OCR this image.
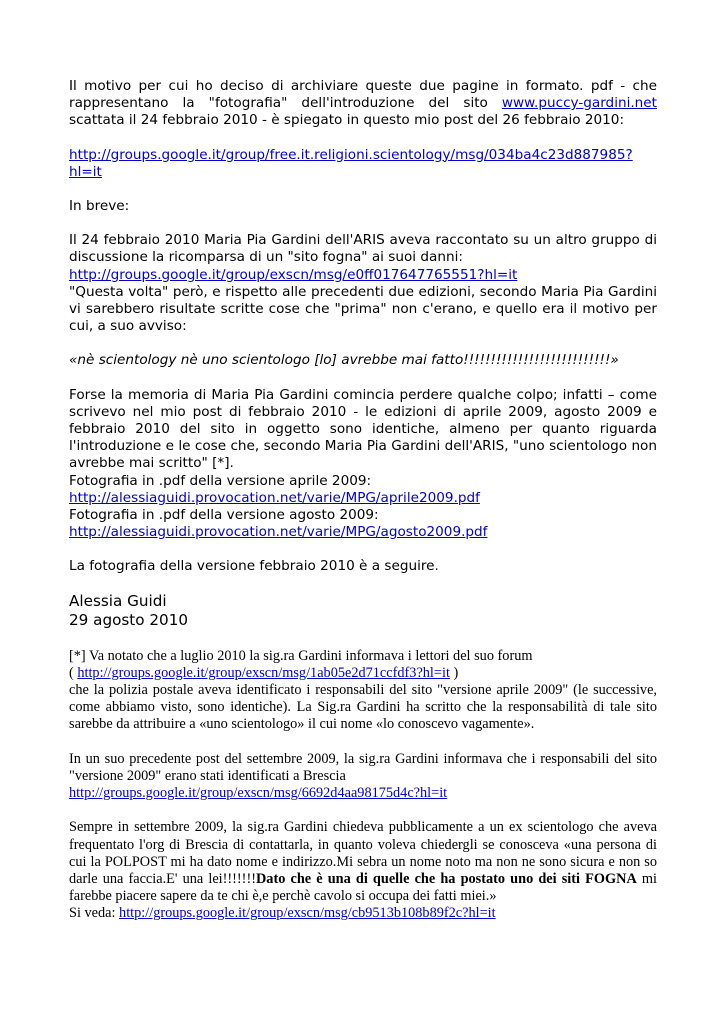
Il motivo per cui ho deciso di archiviare queste due pagine in formato. pdf - che rappresentano la "fotografia" dell'introduzione del sito www.puccy-gardini.net scattata il 24 febbraio 2010 - è spiegato in questo mio post del 26 febbraio 2010:

http://groups.google.it/group/free.it.religioni.scientology/msg/034ba4c23d887985?
hl=it

In breve:

Il 24 febbraio 2010 Maria Pia Gardini dell'ARIS aveva raccontato su un altro gruppo di discussione la ricomparsa di un "sito fogna" ai suoi danni:
http://groups.google.it/group/exscn/msg/e0ff017647765551?hl=it
"Questa volta" però, e rispetto alle precedenti due edizioni, secondo Maria Pia Gardini vi sarebbero risultate scritte cose che "prima" non c'erano, e quello era il motivo per cui, a suo avviso:

«nè scientology nè uno scientologo [lo] avrebbe mai fatto!!!!!!!!!!!!!!!!!!!!!!!!!!!»

Forse la memoria di Maria Pia Gardini comincia perdere qualche colpo; infatti – come scrivevo nel mio post di febbraio 2010 - le edizioni di aprile 2009, agosto 2009 e febbraio 2010 del sito in oggetto sono identiche, almeno per quanto riguarda l'introduzione e le cose che, secondo Maria Pia Gardini dell'ARIS, "uno scientologo non avrebbe mai scritto" [*].
Fotografia in .pdf della versione aprile 2009:
http://alessiaguidi.provocation.net/varie/MPG/aprile2009.pdf
Fotografia in .pdf della versione agosto 2009:
http://alessiaguidi.provocation.net/varie/MPG/agosto2009.pdf

La fotografia della versione febbraio 2010 è a seguire.

Alessia Guidi
29 agosto 2010

[*] Va notato che a luglio 2010 la sig.ra Gardini informava i lettori del suo forum
( http://groups.google.it/group/exscn/msg/1ab05e2d71ccfdf3?hl=it )
che la polizia postale aveva identificato i responsabili del sito "versione aprile 2009" (le successive, come abbiamo visto, sono identiche). La Sig.ra Gardini ha scritto che la responsabilità di tale sito sarebbe da attribuire a «uno scientologo» il cui nome «lo conoscevo vagamente».

In un suo precedente post del settembre 2009, la sig.ra Gardini informava che i responsabili del sito "versione 2009" erano stati identificati a Brescia
http://groups.google.it/group/exscn/msg/6692d4aa98175d4c?hl=it

Sempre in settembre 2009, la sig.ra Gardini chiedeva pubblicamente a un ex scientologo che aveva frequentato l'org di Brescia di contattarla, in quanto voleva chiedergli se conosceva «una persona di cui la POLPOST mi ha dato nome e indirizzo.Mi sebra un nome noto ma non ne sono sicura e non so darle una faccia.E' una lei!!!!!!!Dato che è una di quelle che ha postato uno dei siti FOGNA mi farebbe piacere sapere da te chi è,e perchè cavolo si occupa dei fatti miei.»
Si veda: http://groups.google.it/group/exscn/msg/cb9513b108b89f2c?hl=it
